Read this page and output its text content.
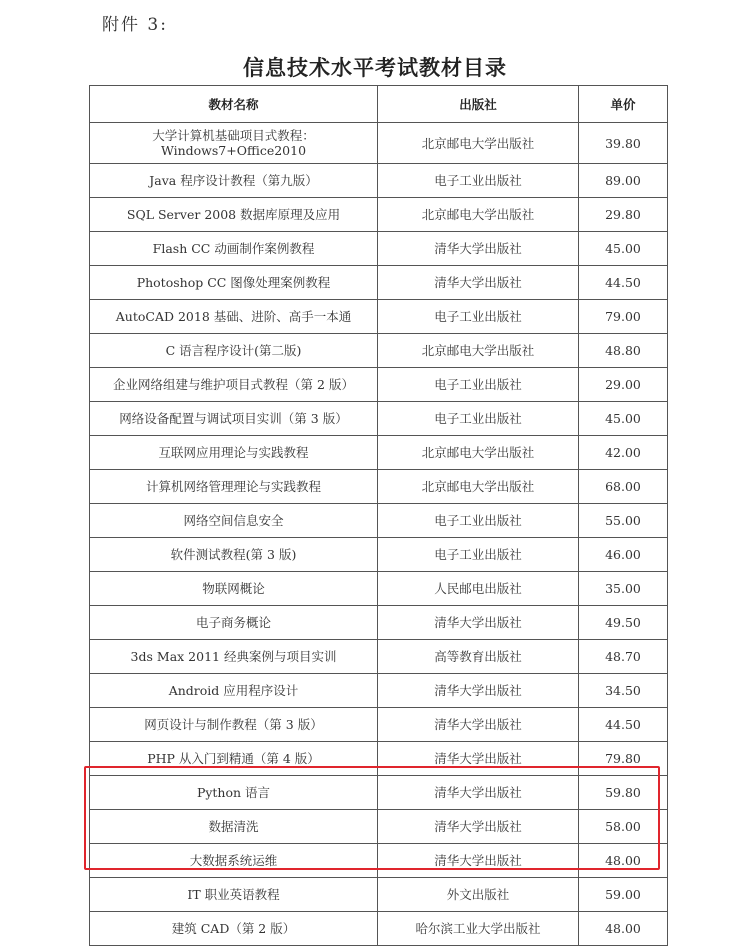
附件 3:
信息技术水平考试教材目录
教材名称	出版社	单价

大学计算机基础项目式教程：
Windows7+Office2010	北京邮电大学出版社	39.80
Java 程序设计教程（第九版）	电子工业出版社	89.00
SQL Server 2008 数据库原理及应用	北京邮电大学出版社	29.80
Flash CC 动画制作案例教程	清华大学出版社	45.00
Photoshop CC 图像处理案例教程	清华大学出版社	44.50
AutoCAD 2018 基础、进阶、高手一本通	电子工业出版社	79.00
C 语言程序设计(第二版)	北京邮电大学出版社	48.80
企业网络组建与维护项目式教程（第 2 版）	电子工业出版社	29.00
网络设备配置与调试项目实训（第 3 版）	电子工业出版社	45.00
互联网应用理论与实践教程	北京邮电大学出版社	42.00
计算机网络管理理论与实践教程	北京邮电大学出版社	68.00
网络空间信息安全	电子工业出版社	55.00
软件测试教程(第 3 版)	电子工业出版社	46.00
物联网概论	人民邮电出版社	35.00
电子商务概论	清华大学出版社	49.50
3ds Max 2011 经典案例与项目实训	高等教育出版社	48.70
Android 应用程序设计	清华大学出版社	34.50
网页设计与制作教程（第 3 版）	清华大学出版社	44.50
PHP 从入门到精通（第 4 版）	清华大学出版社	79.80
Python 语言	清华大学出版社	59.80
数据清洗	清华大学出版社	58.00
大数据系统运维	清华大学出版社	48.00
IT 职业英语教程	外文出版社	59.00
建筑 CAD（第 2 版）	哈尔滨工业大学出版社	48.00
